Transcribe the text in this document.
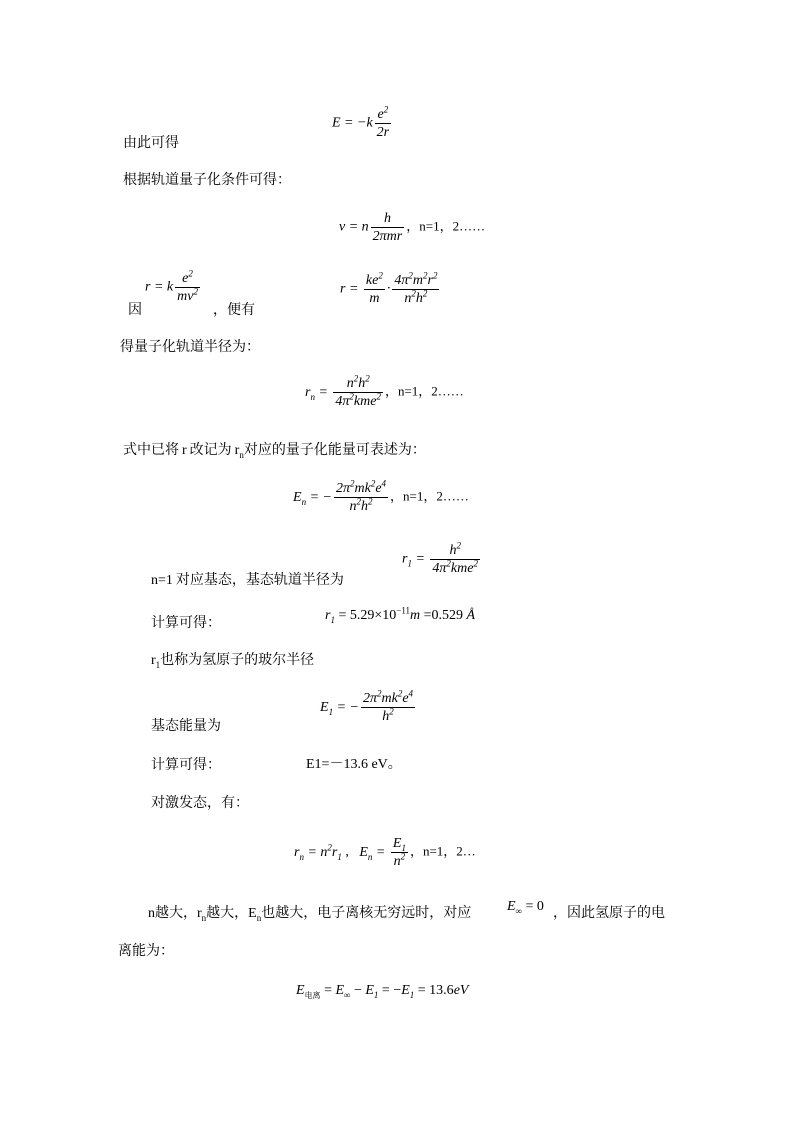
由此可得
$E = -k \frac{e^2}{2r}$
根据轨道量子化条件可得：
v = n
h
2πmr
，n=1，2……
因
r = k $\frac{e^2}{mv^2}$
，便有
$r = \frac{ke^2}{m} \cdot \frac{4\pi^2m^2r^2}{n^2h^2}$
得量子化轨道半径为：
$r_n$ =
$n^2h^2$
$4\pi^2kme^2$ ，n=1，2……
式中已将 r 改记为 $r_n$对应的量子化能量可表述为：
$E_n$ = − $\frac{2\pi^2mk^2e^4}{n^2h^2}$ ，n=1，2……
n=1 对应基态，基态轨道半径为
$r_1$ =
$h^2$
$4\pi^2kme^2$
计算可得：	$r_1 = 5.29\times 10^{-11}m =0.529$ Å
$r_1$也称为氢原子的玻尔半径
基态能量为
$E_1$ = − $\frac{2\pi^2mk^2e^4}{h^2}$
计算可得：	E1=－13.6 eV。
对激发态，有：
$r_n = n^2r_1$ ,   $E_n = \frac{E_1}{n^2}$ ，n=1，2…
n越大，$r_n$越大，$E_n$也越大，电子离核无穷远时，对应	$E_\infty = 0$ ，因此氢原子的电
离能为：
$E_{电离} = E_\infty - E_1 = -E_1 = 13.6eV$
